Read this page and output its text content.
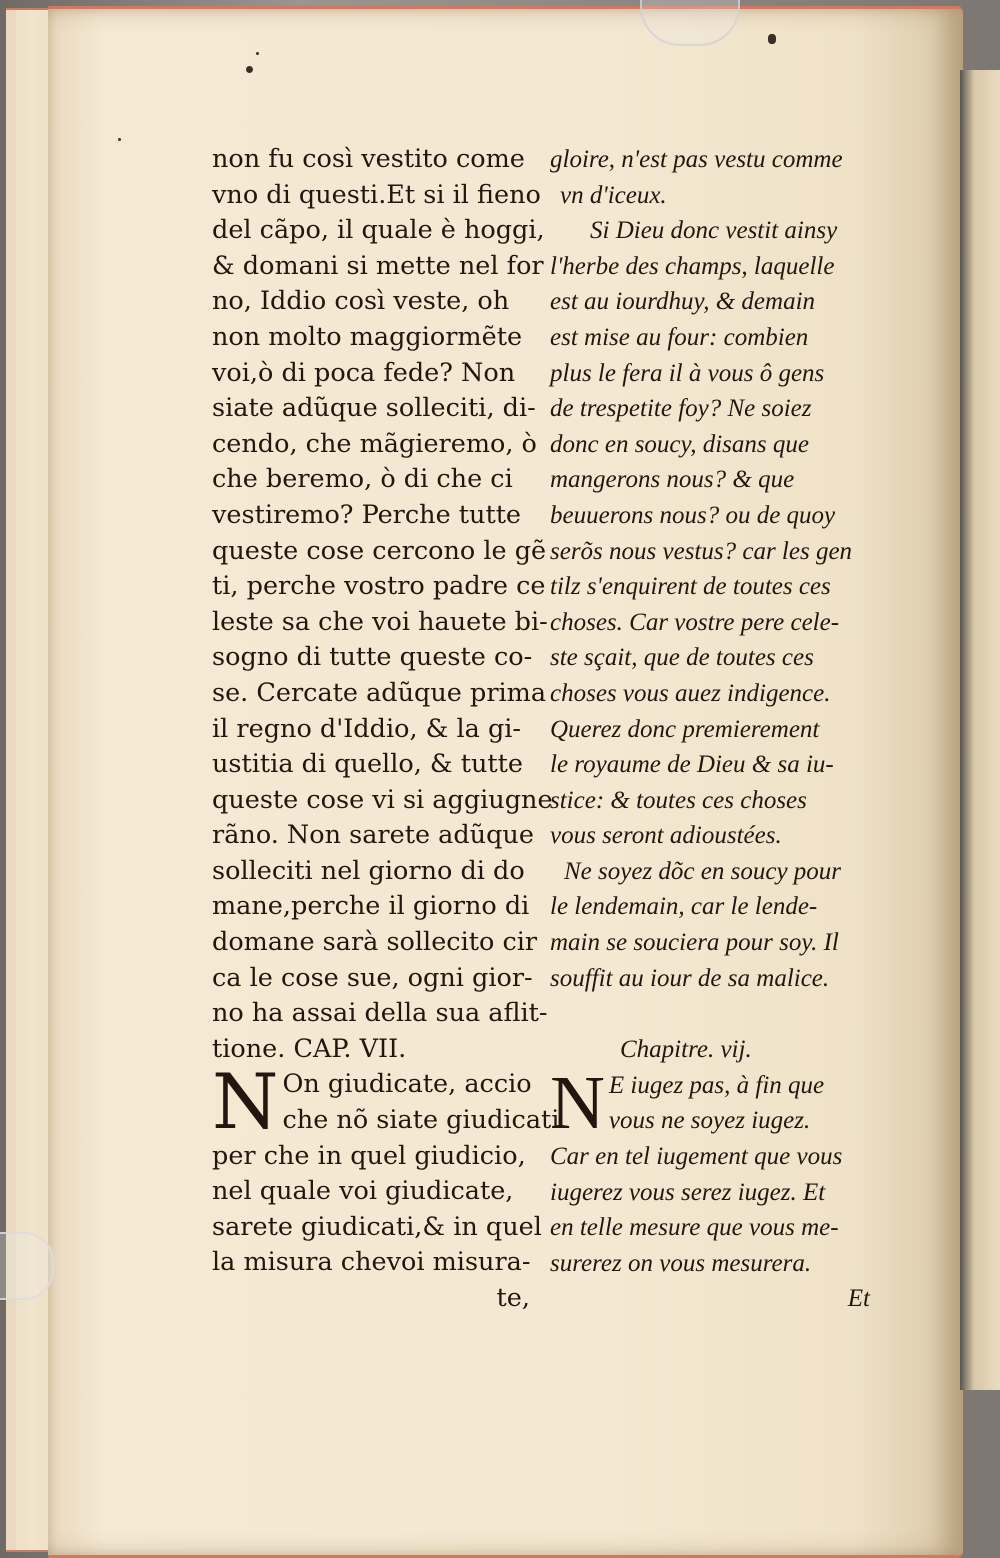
non fu così vestito come
vno di questi.Et si il fieno
del cãpo, il quale è hoggi,
& domani si mette nel for
no, Iddio così veste, oh
non molto maggiormẽte
voi,ò di poca fede? Non
siate adũque solleciti, di-
cendo, che mãgieremo, ò
che beremo, ò di che ci
vestiremo? Perche tutte
queste cose cercono le gẽ
ti, perche vostro padre ce
leste sa che voi hauete bi-
sogno di tutte queste co-
se. Cercate adũque prima
il regno d'Iddio, & la gi-
ustitia di quello, & tutte
queste cose vi si aggiugne
rãno. Non sarete adũque
solleciti nel giorno di do
mane,perche il giorno di
domane sarà sollecito cir
ca le cose sue, ogni gior-
no ha assai della sua aflit-
tione. CAP. VII.
N On giudicate, accio
che nõ siate giudicati
per che in quel giudicio,
nel quale voi giudicate,
sarete giudicati,& in quel
la misura chevoi misura-
te,
gloire, n'est pas vestu comme
vn d'iceux.
Si Dieu donc vestit ainsy
l'herbe des champs, laquelle
est au iourdhuy, & demain
est mise au four: combien
plus le fera il à vous ô gens
de trespetite foy? Ne soiez
donc en soucy, disans que
mangerons nous? & que
beuuerons nous? ou de quoy
serõs nous vestus? car les gen
tilz s'enquirent de toutes ces
choses. Car vostre pere cele-
ste sçait, que de toutes ces
choses vous auez indigence.
Querez donc premierement
le royaume de Dieu & sa iu-
stice: & toutes ces choses
vous seront adioustées.
Ne soyez dõc en soucy pour
le lendemain, car le lende-
main se souciera pour soy. Il
souffit au iour de sa malice.
Chapitre. vij.
N E iugez pas, à fin que
vous ne soyez iugez.
Car en tel iugement que vous
iugerez vous serez iugez. Et
en telle mesure que vous me-
surerez on vous mesurera.
Et
